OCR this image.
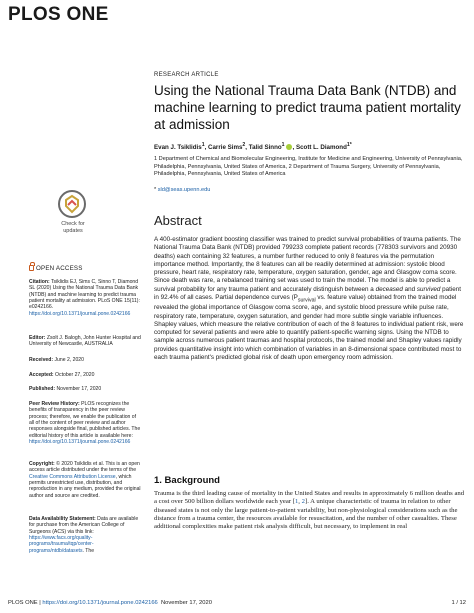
PLOS ONE
Check for
updates
OPEN ACCESS
Citation: Tsiklidis EJ, Sims C, Sinno T, Diamond SL (2020) Using the National Trauma Data Bank (NTDB) and machine learning to predict trauma patient mortality at admission. PLoS ONE 15(11): e0242166. https://doi.org/10.1371/journal.pone.0242166
Editor: Zsolt J. Balogh, John Hunter Hospital and University of Newcastle, AUSTRALIA
Received: June 2, 2020
Accepted: October 27, 2020
Published: November 17, 2020
Peer Review History: PLOS recognizes the benefits of transparency in the peer review process; therefore, we enable the publication of all of the content of peer review and author responses alongside final, published articles. The editorial history of this article is available here: https://doi.org/10.1371/journal.pone.0242166
Copyright: © 2020 Tsiklidis et al. This is an open access article distributed under the terms of the Creative Commons Attribution License, which permits unrestricted use, distribution, and reproduction in any medium, provided the original author and source are credited.
Data Availability Statement: Data are available for purchase from the American College of Surgeons (ACS) via this link: https://www.facs.org/quality-programs/trauma/tqp/center-programs/ntdb/datasets. The
RESEARCH ARTICLE
Using the National Trauma Data Bank (NTDB) and machine learning to predict trauma patient mortality at admission
Evan J. Tsiklidis$^1$, Carrie Sims$^2$, Talid Sinno$^1$ , Scott L. Diamond$^{1*}$
1 Department of Chemical and Biomolecular Engineering, Institute for Medicine and Engineering, University of Pennsylvania, Philadelphia, Pennsylvania, United States of America, 2 Department of Trauma Surgery, University of Pennsylvania, Philadelphia, Pennsylvania, United States of America
* sld@seas.upenn.edu
Abstract
A 400-estimator gradient boosting classifier was trained to predict survival probabilities of trauma patients. The National Trauma Data Bank (NTDB) provided 799233 complete patient records (778303 survivors and 20930 deaths) each containing 32 features, a number further reduced to only 8 features via the permutation importance method. Importantly, the 8 features can all be readily determined at admission: systolic blood pressure, heart rate, respiratory rate, temperature, oxygen saturation, gender, age and Glasgow coma score. Since death was rare, a rebalanced training set was used to train the model. The model is able to predict a survival probability for any trauma patient and accurately distinguish between a deceased and survived patient in 92.4% of all cases. Partial dependence curves ($P_{survival}$ vs. feature value) obtained from the trained model revealed the global importance of Glasgow coma score, age, and systolic blood pressure while pulse rate, respiratory rate, temperature, oxygen saturation, and gender had more subtle single variable influences. Shapley values, which measure the relative contribution of each of the 8 features to individual patient risk, were computed for several patients and were able to quantify patient-specific warning signs. Using the NTDB to sample across numerous patient traumas and hospital protocols, the trained model and Shapley values rapidly provides quantitative insight into which combination of variables in an 8-dimensional space contributed most to each trauma patient's predicted global risk of death upon emergency room admission.
1. Background
Trauma is the third leading cause of mortality in the United States and results in approximately 6 million deaths and a cost over 500 billion dollars worldwide each year [1, 2]. A unique characteristic of trauma in relation to other diseased states is not only the large patient-to-patient variability, but non-physiological considerations such as the distance from a trauma center, the resources available for resuscitation, and the number of other casualties. These additional complexities make patient risk analysis difficult, but necessary, to implement in real
PLOS ONE | https://doi.org/10.1371/journal.pone.0242166 November 17, 2020	1 / 12
